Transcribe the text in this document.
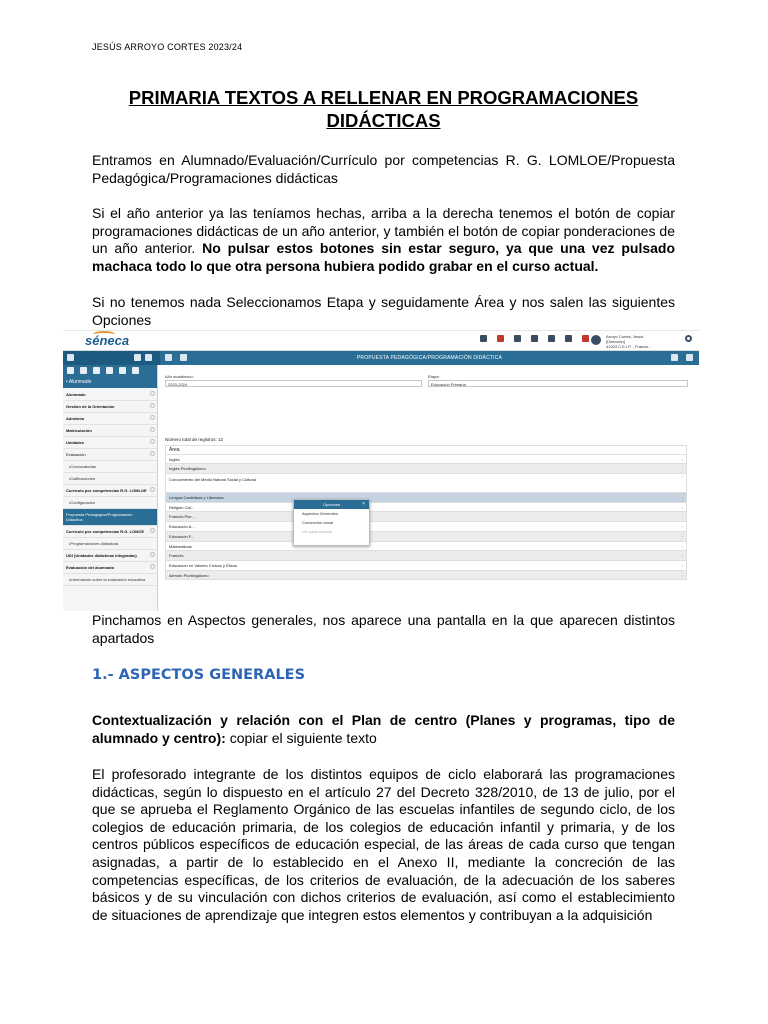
JESÚS ARROYO CORTES 2023/24
PRIMARIA TEXTOS A RELLENAR EN PROGRAMACIONES DIDÁCTICAS
Entramos en Alumnado/Evaluación/Currículo por competencias R. G. LOMLOE/Propuesta Pedagógica/Programaciones didácticas
Si el año anterior ya las teníamos hechas, arriba a la derecha tenemos el botón de copiar programaciones didácticas de un año anterior, y también el botón de copiar ponderaciones de un año anterior. No pulsar estos botones sin estar seguro, ya que una vez pulsado machaca todo lo que otra persona hubiera podido grabar en el curso actual.
Si no tenemos nada Seleccionamos Etapa y seguidamente Área y nos salen las siguientes Opciones
séneca	Arroyo Cortes, Jesús
[Dirección]
41003 C.E.I.P. - Francis...
PROPUESTA PEDAGÓGICA/PROGRAMACIÓN DIDÁCTICA
• Alumnado
Alumnado
Gestión de la Orientación
Admisión
Matriculación
Unidades
Evaluación
•Convocatorias
•Calificaciones
Currículo por competencias R.G. LOMLOE
•Configuración
Propuesta Pedagógica/Programación Didáctica
Currículo por competencias R.G. LOMCE
•Programaciones didácticas
UDI (Unidades didácticas integradas)
Evaluación del alumnado
•Información sobre la evaluación educativa
Año académico:
2023-2024
Etapa:
Educación Primaria
Número total de registros: 12
Área
Inglés	›
Inglés Plurilingüismo	›
Conocimiento del Medio Natural Social y Cultural
›
Lengua Castellana y Literatura	›
Religión Cat...	›
Francés Plur...	›
Educación A...	›
Educación F...	›
Matemáticas	›
Francés	›
Educación en Valores Cívicos y Éticos	›
Alemán Plurilingüismo	›
Opciones	×
Aspectos Generales
Concreción anual
Ver para imprimir
Pinchamos en Aspectos generales, nos aparece una pantalla en la que aparecen distintos apartados
1.- ASPECTOS GENERALES
Contextualización y relación con el Plan de centro (Planes y programas, tipo de alumnado y centro): copiar el siguiente texto
El profesorado integrante de los distintos equipos de ciclo elaborará las programaciones didácticas, según lo dispuesto en el artículo 27 del Decreto 328/2010, de 13 de julio, por el que se aprueba el Reglamento Orgánico de las escuelas infantiles de segundo ciclo, de los colegios de educación primaria, de los colegios de educación infantil y primaria, y de los centros públicos específicos de educación especial, de las áreas de cada curso que tengan asignadas, a partir de lo establecido en el Anexo II, mediante la concreción de las competencias específicas, de los criterios de evaluación, de la adecuación de los saberes básicos y de su vinculación con dichos criterios de evaluación, así como el establecimiento de situaciones de aprendizaje que integren estos elementos y contribuyan a la adquisición
